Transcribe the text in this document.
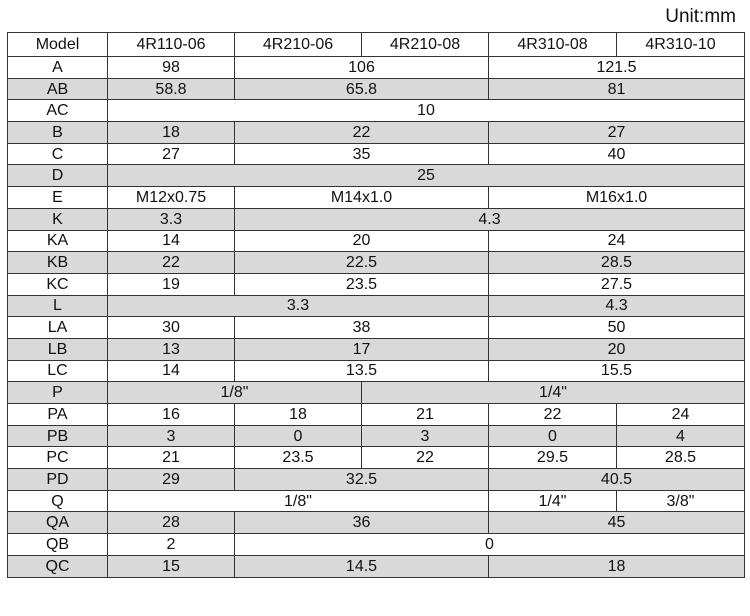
Unit:mm
Model	4R110-06	4R210-06	4R210-08	4R310-08	4R310-10
A	98	106		121.5	
AB	58.8	65.8		81	
AC	10				
B	18	22		27	
C	27	35		40	
D	25				
E	M12x0.75	M14x1.0		M16x1.0	
K	3.3	4.3			
KA	14	20		24	
KB	22	22.5		28.5	
KC	19	23.5		27.5	
L	3.3			4.3	
LA	30	38		50	
LB	13	17		20	
LC	14	13.5		15.5	
P	1/8"		1/4"		
PA	16	18	21	22	24
PB	3	0	3	0	4
PC	21	23.5	22	29.5	28.5
PD	29	32.5		40.5	
Q	1/8"			1/4"	3/8"
QA	28	36		45	
QB	2	0			
QC	15	14.5		18	
